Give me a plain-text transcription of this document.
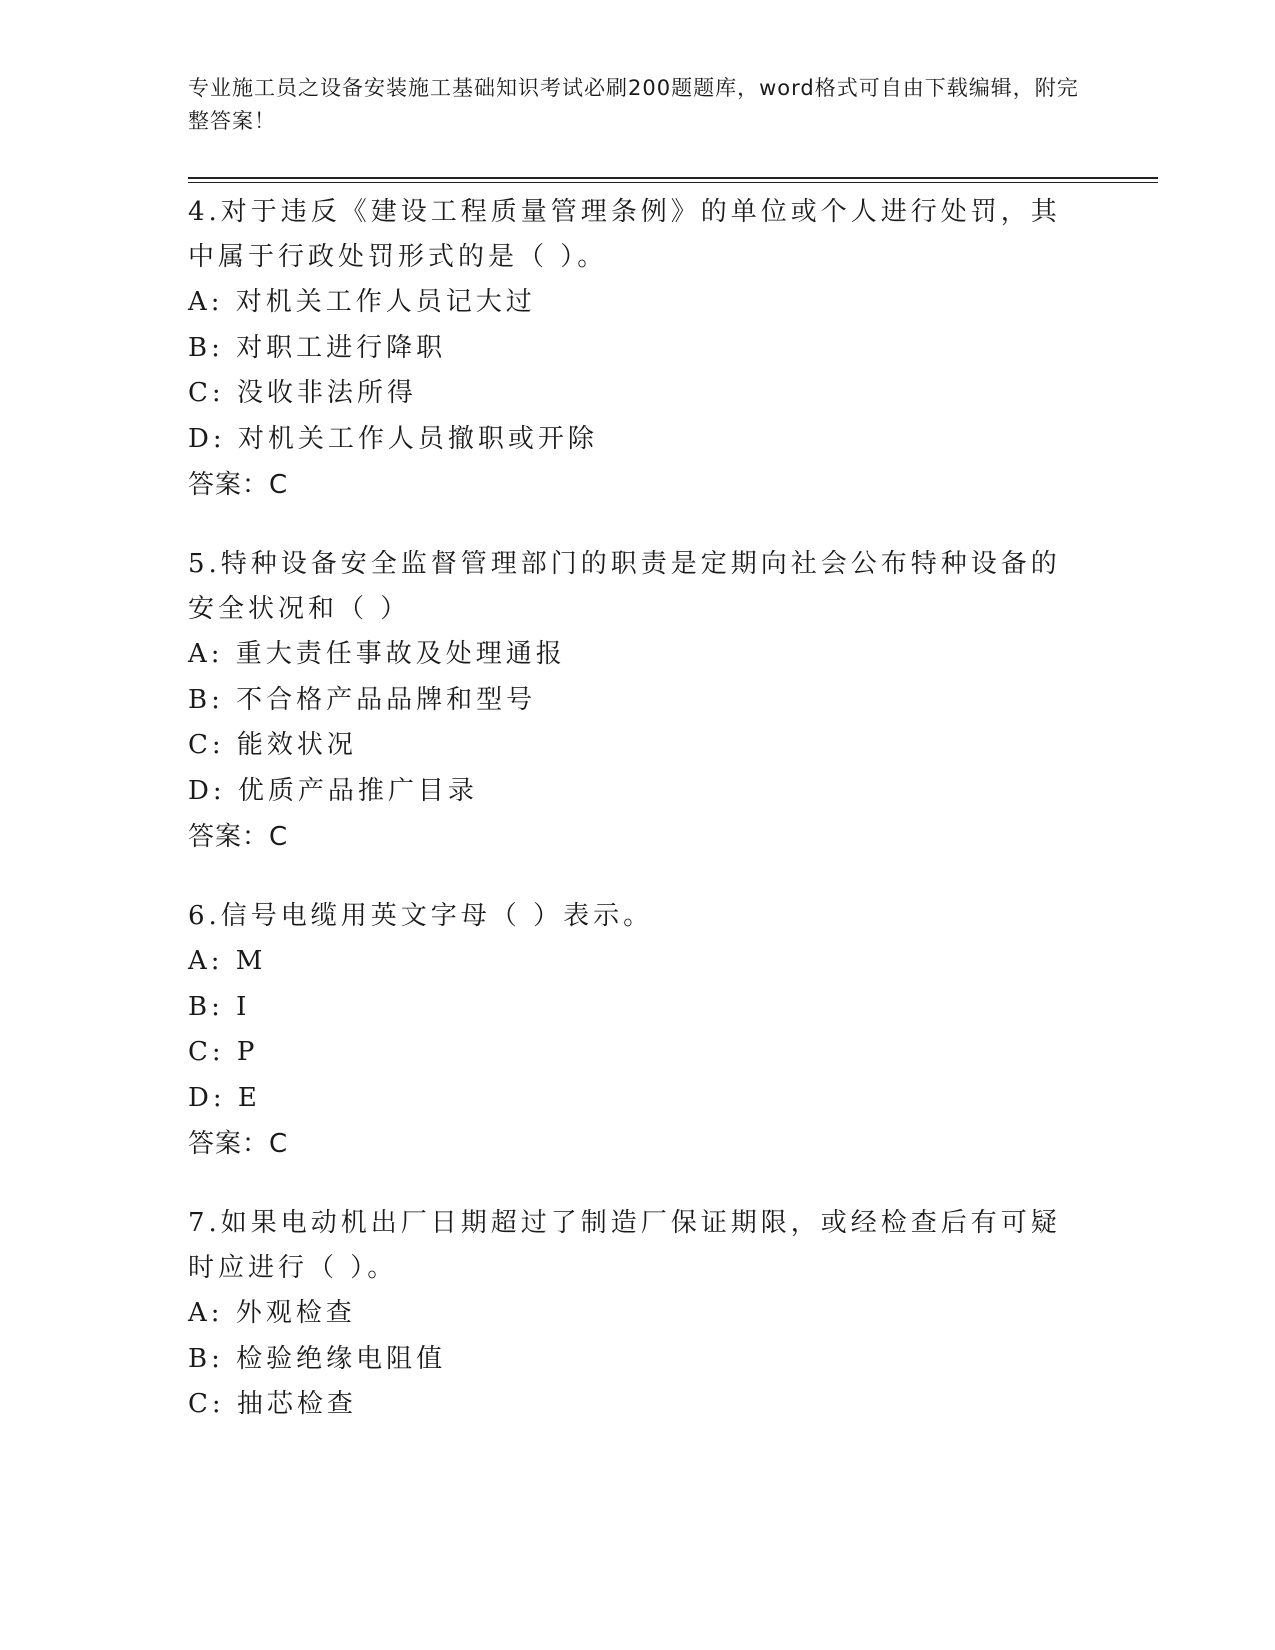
专业施工员之设备安装施工基础知识考试必刷200题题库，word格式可自由下载编辑，附完整答案！
4.对于违反《建设工程质量管理条例》的单位或个人进行处罚，其中属于行政处罚形式的是（ ）。
A: 对机关工作人员记大过
B: 对职工进行降职
C: 没收非法所得
D: 对机关工作人员撤职或开除
答案：C
5.特种设备安全监督管理部门的职责是定期向社会公布特种设备的安全状况和（ ）
A: 重大责任事故及处理通报
B: 不合格产品品牌和型号
C: 能效状况
D: 优质产品推广目录
答案：C
6.信号电缆用英文字母（ ）表示。
A: M
B: I
C: P
D: E
答案：C
7.如果电动机出厂日期超过了制造厂保证期限，或经检查后有可疑时应进行（ ）。
A: 外观检查
B: 检验绝缘电阻值
C: 抽芯检查
